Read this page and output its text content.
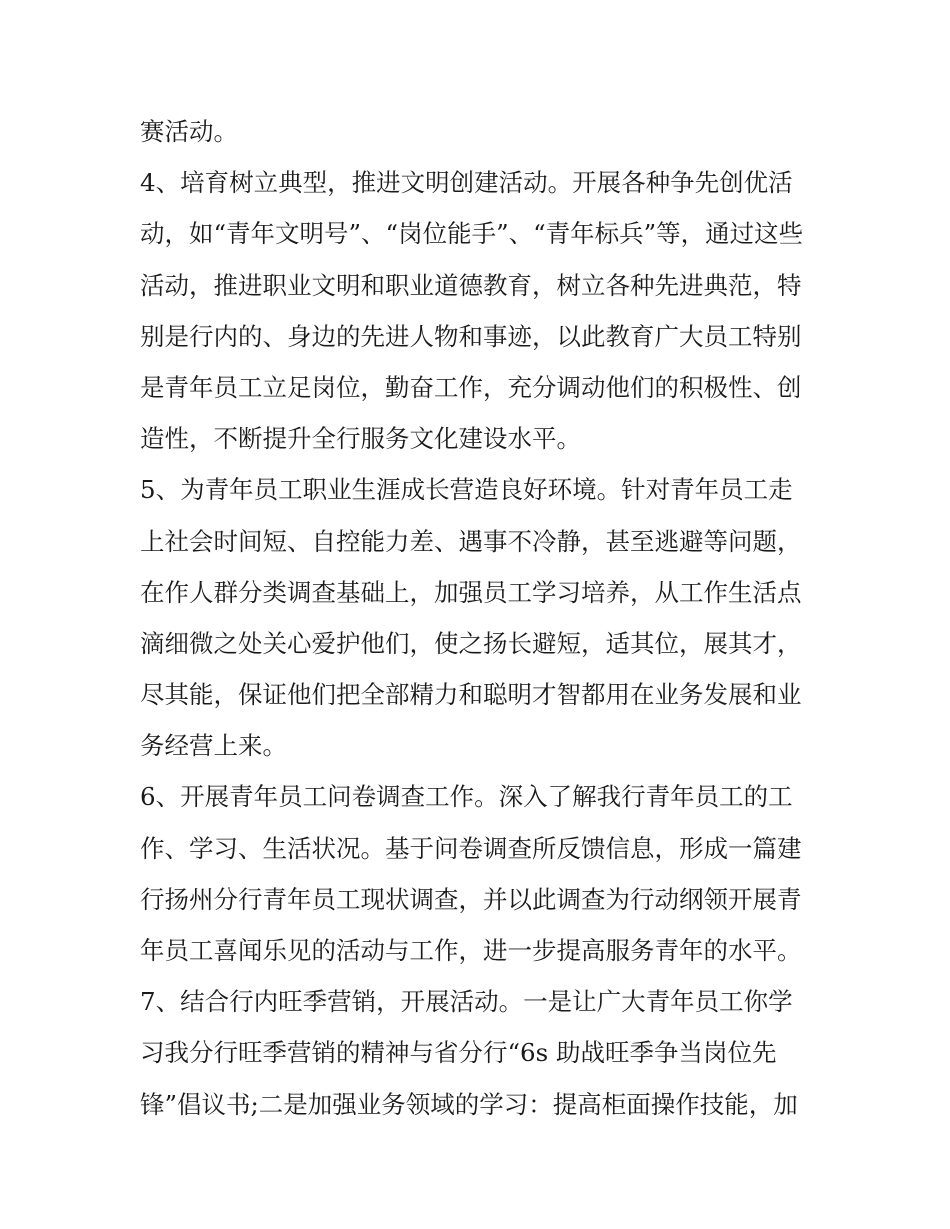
赛活动。
4、培育树立典型，推进文明创建活动。开展各种争先创优活
动，如“青年文明号”、“岗位能手”、“青年标兵”等，通过这些
活动，推进职业文明和职业道德教育，树立各种先进典范，特
别是行内的、身边的先进人物和事迹，以此教育广大员工特别
是青年员工立足岗位，勤奋工作，充分调动他们的积极性、创
造性，不断提升全行服务文化建设水平。
5、为青年员工职业生涯成长营造良好环境。针对青年员工走
上社会时间短、自控能力差、遇事不冷静，甚至逃避等问题，
在作人群分类调查基础上，加强员工学习培养，从工作生活点
滴细微之处关心爱护他们，使之扬长避短，适其位，展其才，
尽其能，保证他们把全部精力和聪明才智都用在业务发展和业
务经营上来。
6、开展青年员工问卷调查工作。深入了解我行青年员工的工
作、学习、生活状况。基于问卷调查所反馈信息，形成一篇建
行扬州分行青年员工现状调查，并以此调查为行动纲领开展青
年员工喜闻乐见的活动与工作，进一步提高服务青年的水平。
7、结合行内旺季营销，开展活动。一是让广大青年员工你学
习我分行旺季营销的精神与省分行“6s 助战旺季争当岗位先
锋”倡议书;二是加强业务领域的学习：提高柜面操作技能，加
